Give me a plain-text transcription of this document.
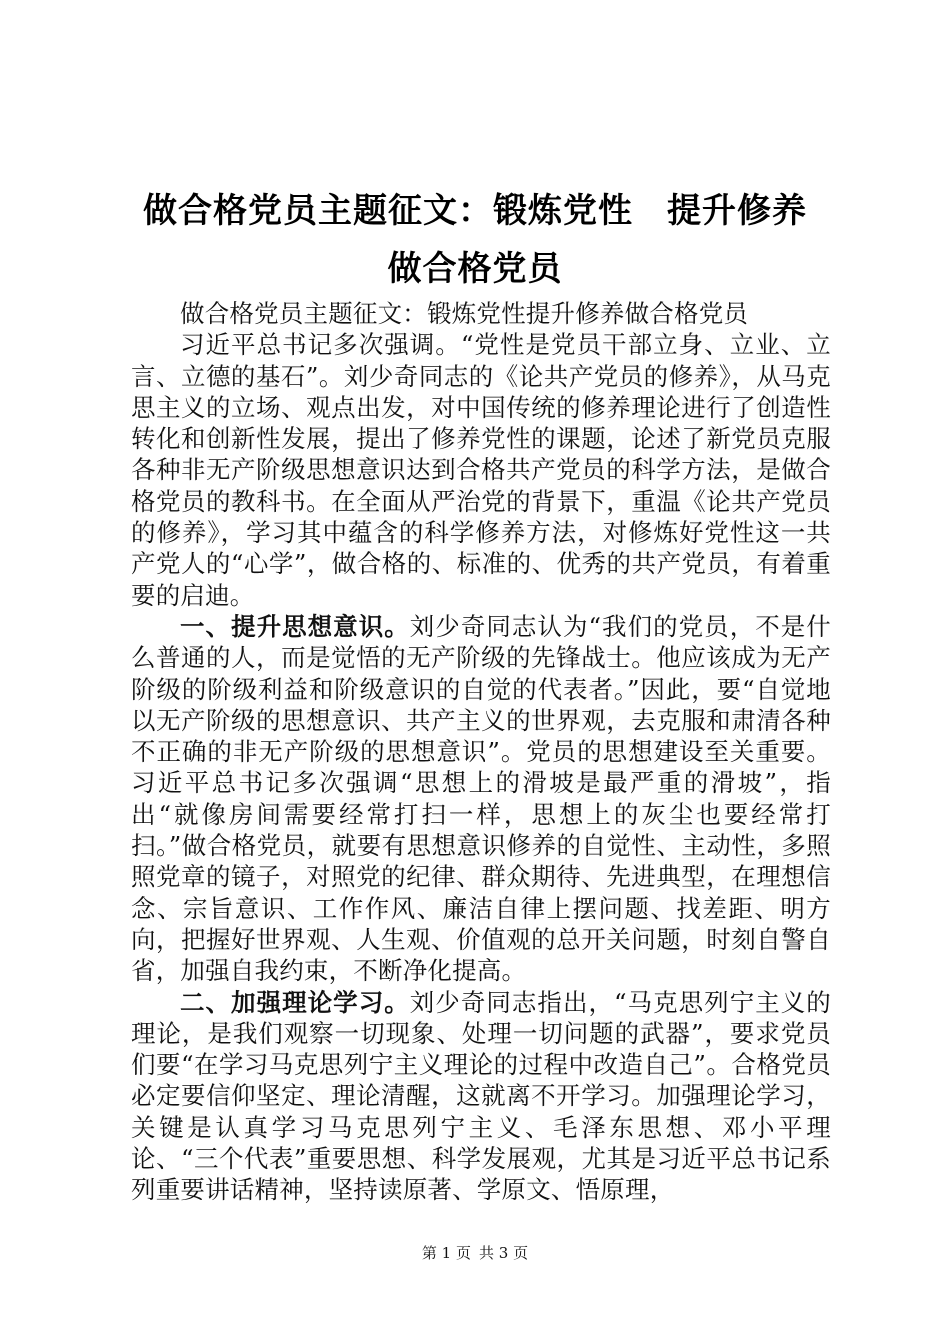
做合格党员主题征文：锻炼党性 提升修养
做合格党员

做合格党员主题征文：锻炼党性提升修养做合格党员

习近平总书记多次强调。“党性是党员干部立身、立业、立言、立德的基石”。刘少奇同志的《论共产党员的修养》，从马克思主义的立场、观点出发，对中国传统的修养理论进行了创造性转化和创新性发展，提出了修养党性的课题，论述了新党员克服各种非无产阶级思想意识达到合格共产党员的科学方法，是做合格党员的教科书。在全面从严治党的背景下，重温《论共产党员的修养》，学习其中蕴含的科学修养方法，对修炼好党性这一共产党人的“心学”，做合格的、标准的、优秀的共产党员，有着重要的启迪。

一、提升思想意识。刘少奇同志认为“我们的党员，不是什么普通的人，而是觉悟的无产阶级的先锋战士。他应该成为无产阶级的阶级利益和阶级意识的自觉的代表者。”因此，要“自觉地以无产阶级的思想意识、共产主义的世界观，去克服和肃清各种不正确的非无产阶级的思想意识”。党员的思想建设至关重要。习近平总书记多次强调“思想上的滑坡是最严重的滑坡”，指出“就像房间需要经常打扫一样，思想上的灰尘也要经常打扫。”做合格党员，就要有思想意识修养的自觉性、主动性，多照照党章的镜子，对照党的纪律、群众期待、先进典型，在理想信念、宗旨意识、工作作风、廉洁自律上摆问题、找差距、明方向，把握好世界观、人生观、价值观的总开关问题，时刻自警自省，加强自我约束，不断净化提高。

二、加强理论学习。刘少奇同志指出，“马克思列宁主义的理论，是我们观察一切现象、处理一切问题的武器”，要求党员们要“在学习马克思列宁主义理论的过程中改造自己”。合格党员必定要信仰坚定、理论清醒，这就离不开学习。加强理论学习，关键是认真学习马克思列宁主义、毛泽东思想、邓小平理论、“三个代表”重要思想、科学发展观，尤其是习近平总书记系列重要讲话精神，坚持读原著、学原文、悟原理，

第 1 页 共 3 页
